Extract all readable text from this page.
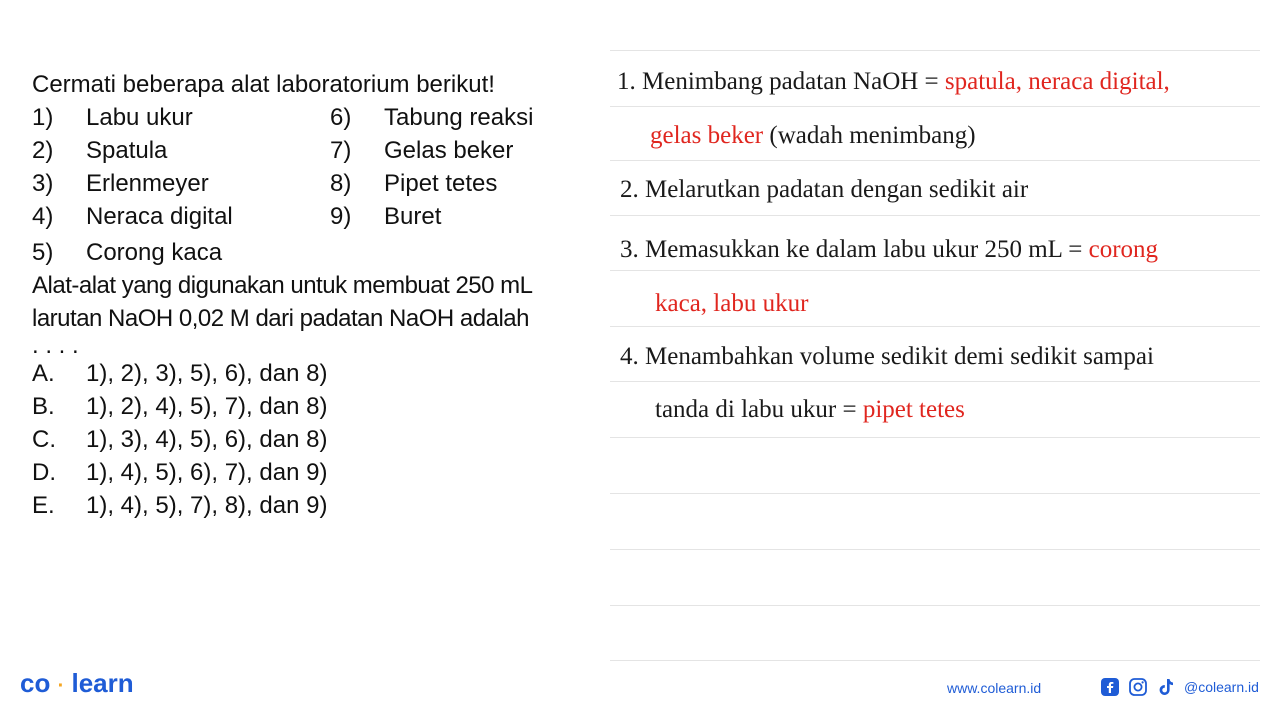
Cermati beberapa alat laboratorium berikut!

1) Labu ukur
2) Spatula
3) Erlenmeyer
4) Neraca digital
5) Corong kaca
6) Tabung reaksi
7) Gelas beker
8) Pipet tetes
9) Buret

Alat-alat yang digunakan untuk membuat 250 mL

larutan NaOH 0,02 M dari padatan NaOH adalah

. . . .

A. 1), 2), 3), 5), 6), dan 8)
B. 1), 2), 4), 5), 7), dan 8)
C. 1), 3), 4), 5), 6), dan 8)
D. 1), 4), 5), 6), 7), dan 9)
E. 1), 4), 5), 7), 8), dan 9)
1. Menimbang padatan NaOH = spatula, neraca digital,
gelas beker (wadah menimbang)
2. Melarutkan padatan dengan sedikit air
3. Memasukkan ke dalam labu ukur 250 mL = corong
kaca, labu ukur
4. Menambahkan volume sedikit demi sedikit sampai
tanda di labu ukur = pipet tetes
co · learn	www.colearn.id	@colearn.id
